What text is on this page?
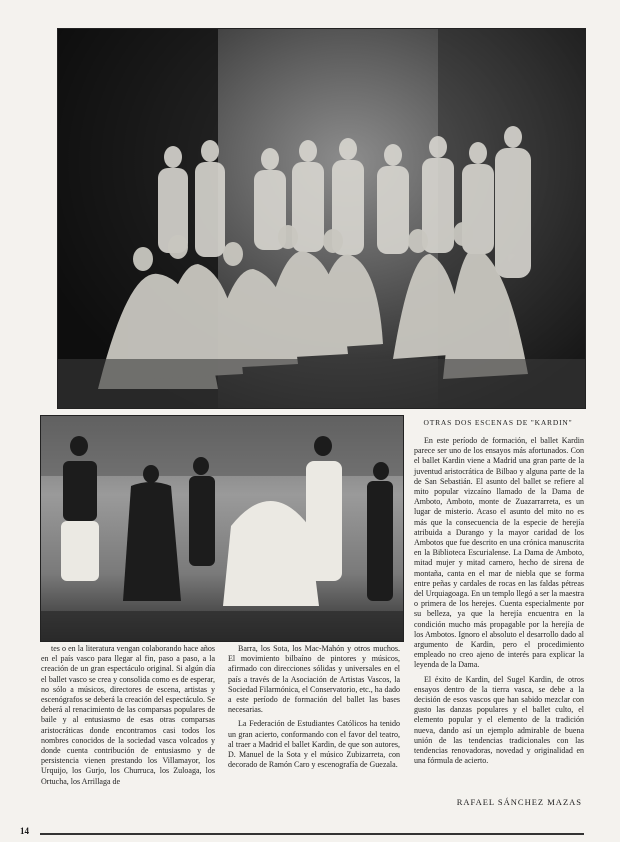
OTRAS DOS ESCENAS DE "KARDIN"

tes o en la literatura vengan colaborando hace años en el país vasco para llegar al fin, paso a paso, a la creación de un gran espectáculo original. Si algún día el ballet vasco se crea y consolida como es de esperar, no sólo a músicos, directores de escena, artistas y escenógrafos se deberá la creación del espectáculo. Se deberá al renacimiento de las comparsas populares de baile y al entusiasmo de esas otras comparsas aristocráticas donde encontramos casi todos los nombres conocidos de la sociedad vasca volcados y donde cuenta contribución de entusiasmo y de persistencia vienen prestando los Villamayor, los Urquijo, los Gurjo, los Churruca, los Zuloaga, los Ortucha, los Arrillaga de

Barra, los Sota, los Mac-Mahón y otros muchos. El movimiento bilbaíno de pintores y músicos, afirmado con direcciones sólidas y universales en el país a través de la Asociación de Artistas Vascos, la Sociedad Filarmónica, el Conservatorio, etc., ha dado a este período de formación del ballet las bases necesarias.

La Federación de Estudiantes Católicos ha tenido un gran acierto, conformando con el favor del teatro, al traer a Madrid el ballet Kardin, de que son autores, D. Manuel de la Sota y el músico Zubizarreta, con decorado de Ramón Caro y escenografía de Guezala.

En este período de formación, el ballet Kardin parece ser uno de los ensayos más afortunados. Con el ballet Kardin viene a Madrid una gran parte de la juventud aristocrática de Bilbao y alguna parte de la de San Sebastián. El asunto del ballet se refiere al mito popular vizcaíno llamado de la Dama de Amboto, Amboto, monte de Zuazarrarreta, es un lugar de misterio. Acaso el asunto del mito no es más que la consecuencia de la especie de herejía atribuida a Durango y la mayor caridad de los Ambotos que fue descrito en una crónica manuscrita en la Biblioteca Escurialense. La Dama de Amboto, mitad mujer y mitad carnero, hecho de sirena de montaña, canta en el mar de niebla que se forma entre peñas y cardales de rocas en las faldas pétreas del Urquiagoaga. En un templo llegó a ser la maestra o primera de los herejes. Cuenta especialmente por su belleza, ya que la herejía encuentra en la condición mucho más propagable por la herejía de los Ambotos. Ignoro el absoluto el desarrollo dado al argumento de Kardin, pero el procedimiento empleado no creo ajeno de interés para explicar la leyenda de la Dama.

El éxito de Kardin, del Sugel Kardin, de otros ensayos dentro de la tierra vasca, se debe a la decisión de esos vascos que han sabido mezclar con gusto las danzas populares y el ballet culto, el elemento popular y el elemento de la tradición nueva, dando así un ejemplo admirable de buena unión de las tendencias tradicionales con las tendencias renovadoras, novedad y originalidad en una fórmula de acierto.

RAFAEL SÁNCHEZ MAZAS
14
